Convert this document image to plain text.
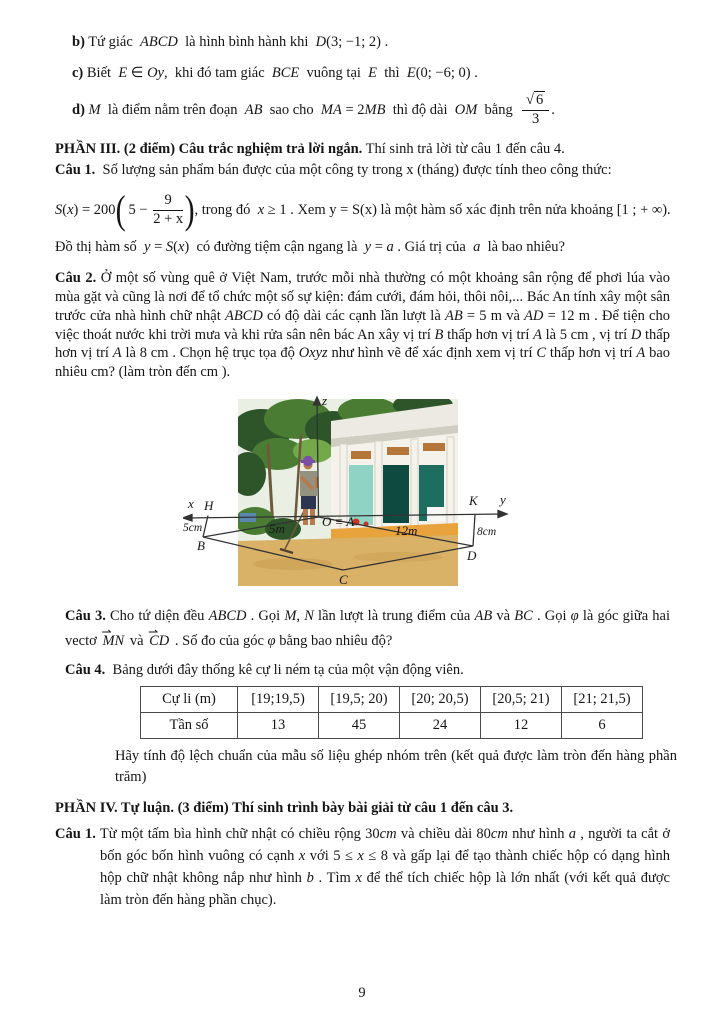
b) Tứ giác  ABCD  là hình bình hành khi  D(3; −1; 2) .
c) Biết  E ∈ Oy,  khi đó tam giác  BCE  vuông tại  E  thì  E(0; −6; 0) .
d)
M là điểm nằm trên đoạn AB sao cho MA = 2 MB thì độ dài OM bằng $\frac{√ 6}{3}$ .
PHẦN III. (2 điểm) Câu trắc nghiệm trả lời ngắn. Thí sinh trả lời từ câu 1 đến câu 4.
Câu 1.  Số lượng sản phẩm bán được của một công ty trong x (tháng) được tính theo công thức:
S ( x ) = 200 ( $5 - \frac{9}{2 + x}$ ) , trong đó x ≥ 1 . Xem y = S(x) là một hàm số xác định trên nửa khoảng [1 ; + ∞).
Đồ thị hàm số  y = S(x)  có đường tiệm cận ngang là  y = a . Giá trị của  a  là bao nhiêu?
Câu 2. Ở một số vùng quê ở Việt Nam, trước mỗi nhà thường có một khoảng sân rộng để phơi lúa vào mùa gặt và cũng là nơi để tổ chức một số sự kiện: đám cưới, đám hỏi, thôi nôi,... Bác An tính xây một sân trước cửa nhà hình chữ nhật ABCD có độ dài các cạnh lần lượt là AB = 5 m và AD = 12 m . Để tiện cho việc thoát nước khi trời mưa và khi rửa sân nên bác An xây vị trí B thấp hơn vị trí A là 5 cm , vị trí D thấp hơn vị trí A là 8 cm . Chọn hệ trục tọa độ Oxyz như hình vẽ để xác định xem vị trí C thấp hơn vị trí A bao nhiêu cm? (làm tròn đến cm ).
z
x	y
H	K
5cm
B
5m	O ≡ A
12m	8cm
D
C
Câu 3. Cho tứ diện đều ABCD . Gọi M, N lần lượt là trung điểm của AB và BC . Gọi φ là góc giữa hai vectơ MN ⇀ và CD ⇀ . Số đo của góc φ bằng bao nhiêu độ?
Câu 4.  Bảng dưới đây thống kê cự li ném tạ của một vận động viên.
Cự li (m)	[19;19,5)	[19,5; 20)	[20; 20,5)	[20,5; 21)	[21; 21,5)
Tần số	13	45	24	12	6
Hãy tính độ lệch chuẩn của mẫu số liệu ghép nhóm trên (kết quả được làm tròn đến hàng phần trăm)
PHẦN IV. Tự luận. (3 điểm) Thí sinh trình bày bài giải từ câu 1 đến câu 3.
Câu 1. Từ một tấm bìa hình chữ nhật có chiều rộng 30cm và chiều dài 80cm như hình a , người ta cắt ở bốn góc bốn hình vuông có cạnh x với 5 ≤ x ≤ 8 và gấp lại để tạo thành chiếc hộp có dạng hình hộp chữ nhật không nắp như hình b . Tìm x để thể tích chiếc hộp là lớn nhất (với kết quả được làm tròn đến hàng phần chục).
9
